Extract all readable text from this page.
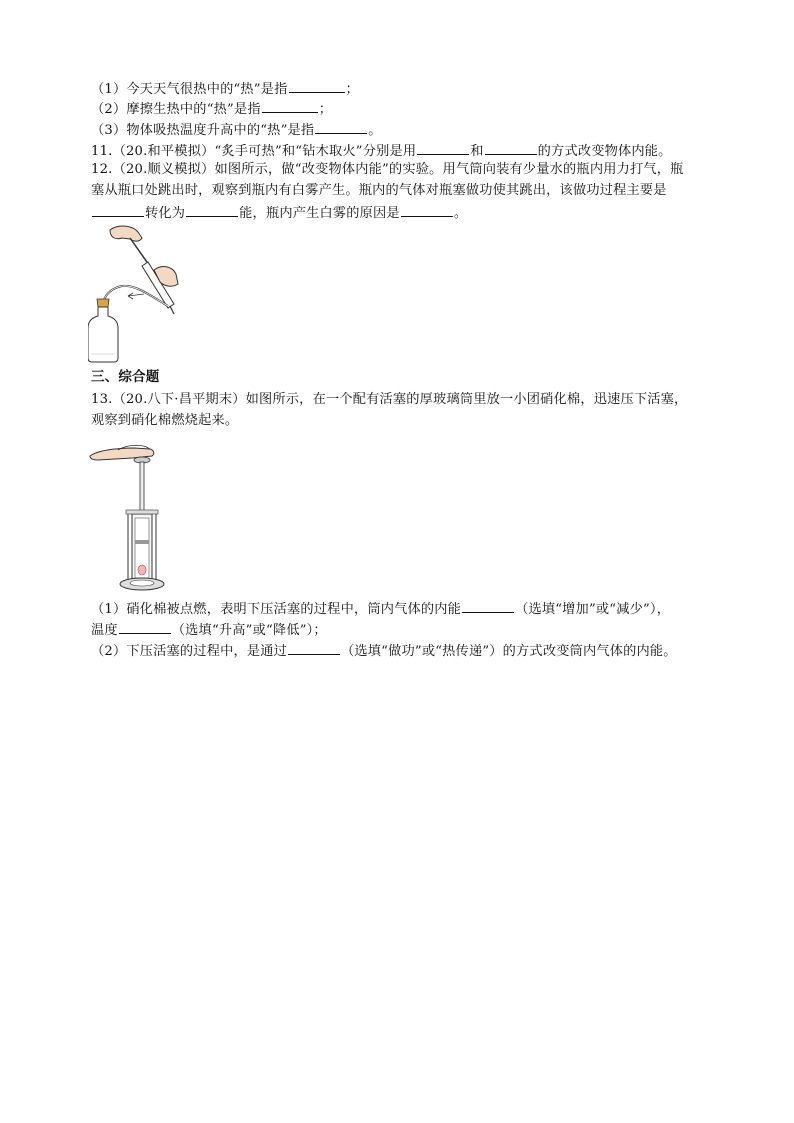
（1）今天天气很热中的“热”是指	；
（2）摩擦生热中的“热”是指	；
（3）物体吸热温度升高中的“热”是指	。
11.（20.和平模拟）“炙手可热”和“钻木取火”分别是用	和	的方式改变物体内能。
12.（20.顺义模拟）如图所示，做“改变物体内能”的实验。用气筒向装有少量水的瓶内用力打气，瓶
塞从瓶口处跳出时，观察到瓶内有白雾产生。瓶内的气体对瓶塞做功使其跳出，该做功过程主要是
转化为	能，瓶内产生白雾的原因是	。
三、综合题
13.（20.八下·昌平期末）如图所示，在一个配有活塞的厚玻璃筒里放一小团硝化棉，迅速压下活塞，
观察到硝化棉燃烧起来。
（1）硝化棉被点燃，表明下压活塞的过程中，筒内气体的内能	（选填“增加”或“减少”），
温度	（选填“升高”或“降低”）；
（2）下压活塞的过程中，是通过	（选填“做功”或“热传递”）的方式改变筒内气体的内能。
